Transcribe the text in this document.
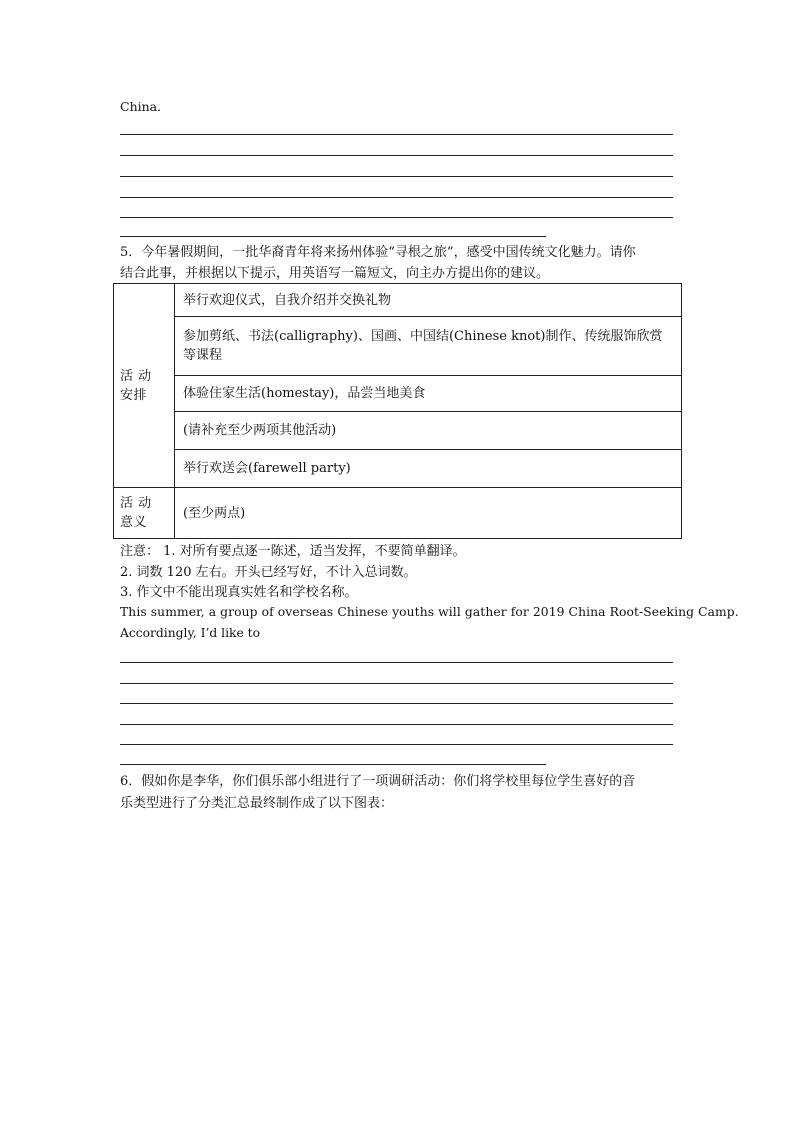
China.
5．今年暑假期间，一批华裔青年将来扬州体验“寻根之旅”，感受中国传统文化魅力。请你
结合此事，并根据以下提示，用英语写一篇短文，向主办方提出你的建议。
活 动 安排	举行欢迎仪式，自我介绍并交换礼物
	参加剪纸、书法(calligraphy)、国画、中国结(Chinese knot)制作、传统服饰欣赏等课程
	体验住家生活(homestay)，品尝当地美食
	(请补充至少两项其他活动)
	举行欢送会(farewell party)
活 动 意义	(至少两点)
注意： 1. 对所有要点逐一陈述，适当发挥，不要简单翻译。
2. 词数 120 左右。开头已经写好，不计入总词数。
3. 作文中不能出现真实姓名和学校名称。
This summer, a group of overseas Chinese youths will gather for 2019 China Root-Seeking Camp.
Accordingly, I’d like to
6．假如你是李华，你们俱乐部小组进行了一项调研活动：你们将学校里每位学生喜好的音
乐类型进行了分类汇总最终制作成了以下图表：
